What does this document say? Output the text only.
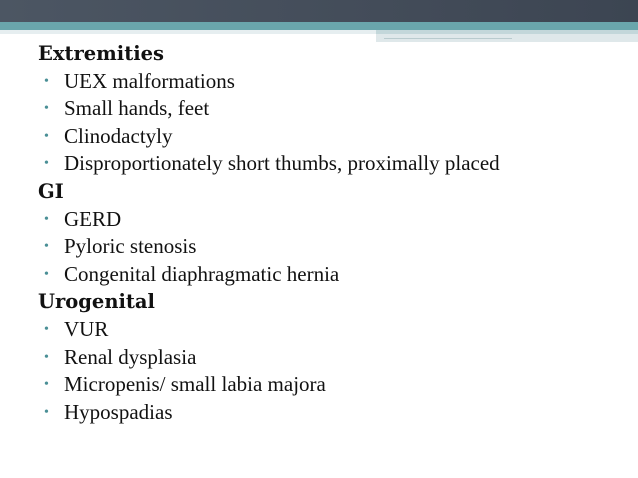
Extremities
• UEX malformations
• Small hands, feet
• Clinodactyly
• Disproportionately short thumbs, proximally placed
GI
• GERD
• Pyloric stenosis
• Congenital diaphragmatic hernia
Urogenital
• VUR
• Renal dysplasia
• Micropenis/ small labia majora
• Hypospadias
